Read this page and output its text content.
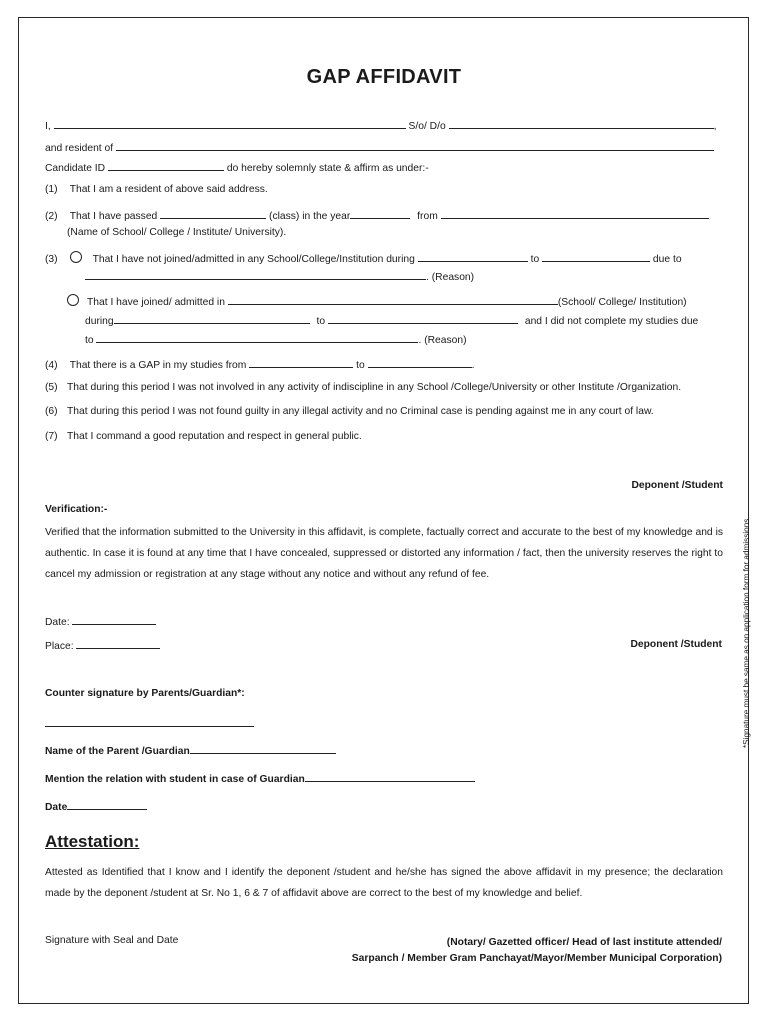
GAP AFFIDAVIT
I,	S/o/ D/o	,
and resident of
Candidate ID	do hereby solemnly state & affirm as under:-
(1) That I am a resident of above said address.
(2) That I have passed	(class) in the year	from
(Name of School/ College / Institute/ University).
(3)	That I have not joined/admitted in any School/College/Institution during	to	due to
. (Reason)
That I have joined/ admitted in	(School/ College/ Institution)
during	to	and I did not complete my studies due
to	. (Reason)
(4) That there is a GAP in my studies from	to	.
(5) That during this period I was not involved in any activity of indiscipline in any School /College/University or other Institute /Organization.
(6) That during this period I was not found guilty in any illegal activity and no Criminal case is pending against me in any court of law.
(7) That I command a good reputation and respect in general public.
Deponent /Student
Verification:-
Verified that the information submitted to the University in this affidavit, is complete, factually correct and accurate to the best of my knowledge and is authentic. In case it is found at any time that I have concealed, suppressed or distorted any information / fact, then the university reserves the right to cancel my admission or registration at any stage without any notice and without any refund of fee.
Date:
Place:	Deponent /Student
Counter signature by Parents/Guardian*:
Name of the Parent /Guardian
Mention the relation with student in case of Guardian
Date
Attestation:
Attested as Identified that I know and I identify the deponent /student and he/she has signed the above affidavit in my presence; the declaration made by the deponent /student at Sr. No 1, 6 & 7 of affidavit above are correct to the best of my knowledge and belief.
Signature with Seal and Date	(Notary/ Gazetted officer/ Head of last institute attended/
Sarpanch / Member Gram Panchayat/Mayor/Member Municipal Corporation)
*Signature must be same as on application form for admissions
